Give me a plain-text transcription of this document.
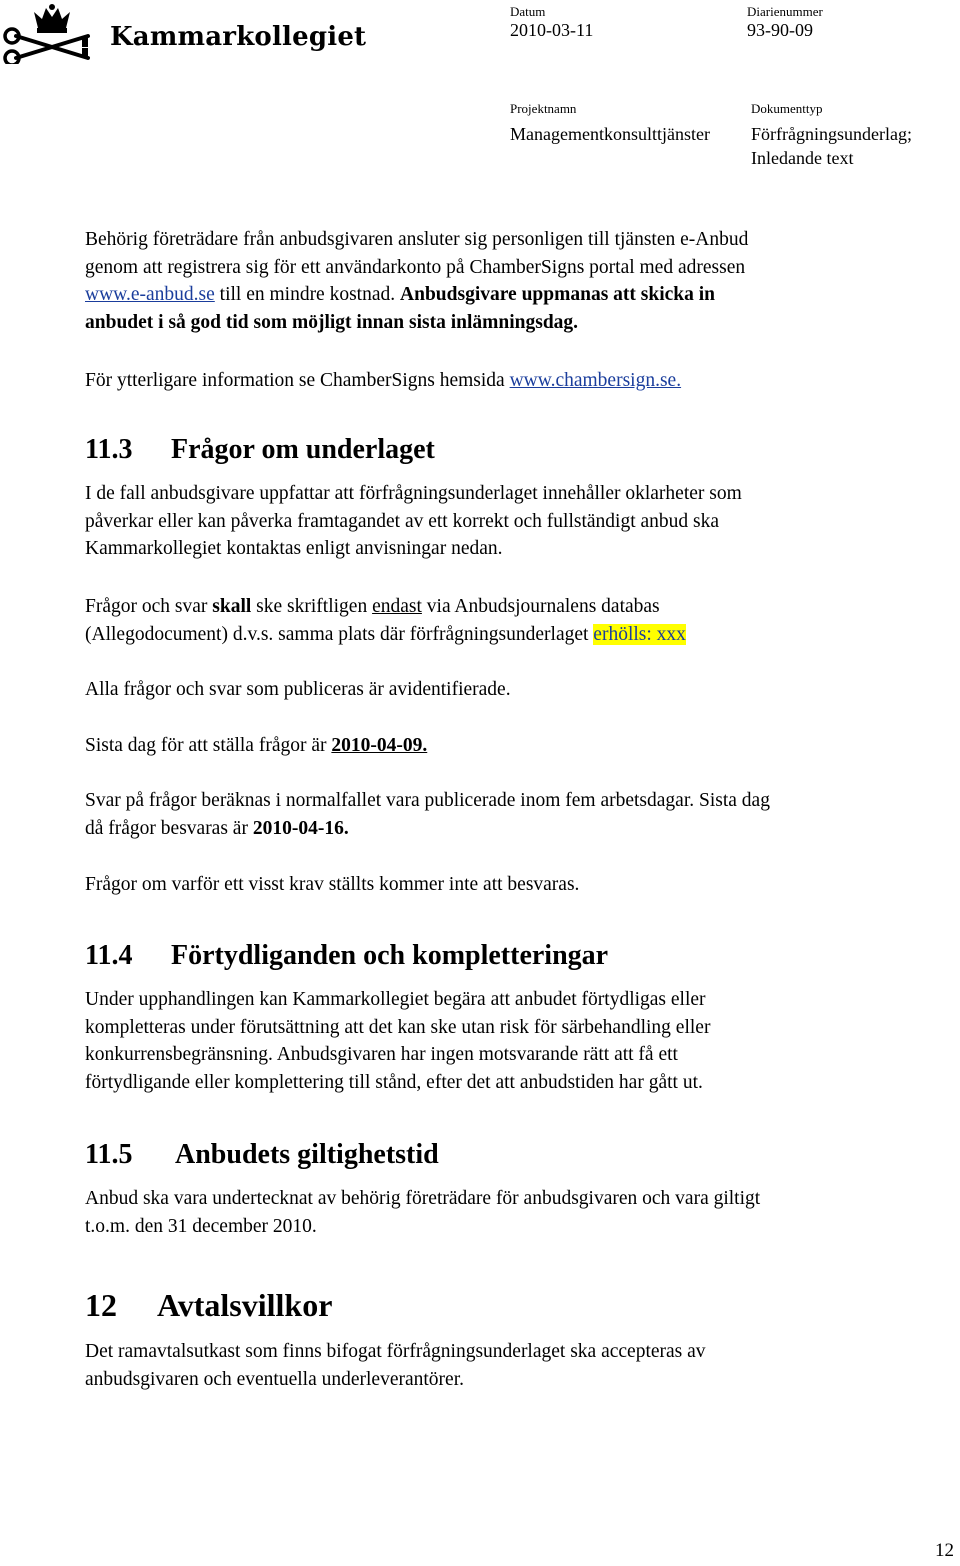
Kammarkollegiet
Datum
2010-03-11
Diarienummer
93-90-09
Projektnamn
Managementkonsulttjänster
Dokumenttyp
Förfrågningsunderlag;
Inledande text
Behörig företrädare från anbudsgivaren ansluter sig personligen till tjänsten e-Anbud
genom att registrera sig för ett användarkonto på ChamberSigns portal med adressen
www.e-anbud.se till en mindre kostnad. Anbudsgivare uppmanas att skicka in
anbudet i så god tid som möjligt innan sista inlämningsdag.
För ytterligare information se ChamberSigns hemsida www.chambersign.se.
11.3 Frågor om underlaget
I de fall anbudsgivare uppfattar att förfrågningsunderlaget innehåller oklarheter som
påverkar eller kan påverka framtagandet av ett korrekt och fullständigt anbud ska
Kammarkollegiet kontaktas enligt anvisningar nedan.
Frågor och svar skall ske skriftligen endast via Anbudsjournalens databas
(Allegodocument) d.v.s. samma plats där förfrågningsunderlaget erhölls: xxx
Alla frågor och svar som publiceras är avidentifierade.
Sista dag för att ställa frågor är 2010-04-09.
Svar på frågor beräknas i normalfallet vara publicerade inom fem arbetsdagar. Sista dag
då frågor besvaras är 2010-04-16.
Frågor om varför ett visst krav ställts kommer inte att besvaras.
11.4 Förtydliganden och kompletteringar
Under upphandlingen kan Kammarkollegiet begära att anbudet förtydligas eller
kompletteras under förutsättning att det kan ske utan risk för särbehandling eller
konkurrensbegränsning. Anbudsgivaren har ingen motsvarande rätt att få ett
förtydligande eller komplettering till stånd, efter det att anbudstiden har gått ut.
11.5 Anbudets giltighetstid
Anbud ska vara undertecknat av behörig företrädare för anbudsgivaren och vara giltigt
t.o.m. den 31 december 2010.
12 Avtalsvillkor
Det ramavtalsutkast som finns bifogat förfrågningsunderlaget ska accepteras av
anbudsgivaren och eventuella underleverantörer.
12
